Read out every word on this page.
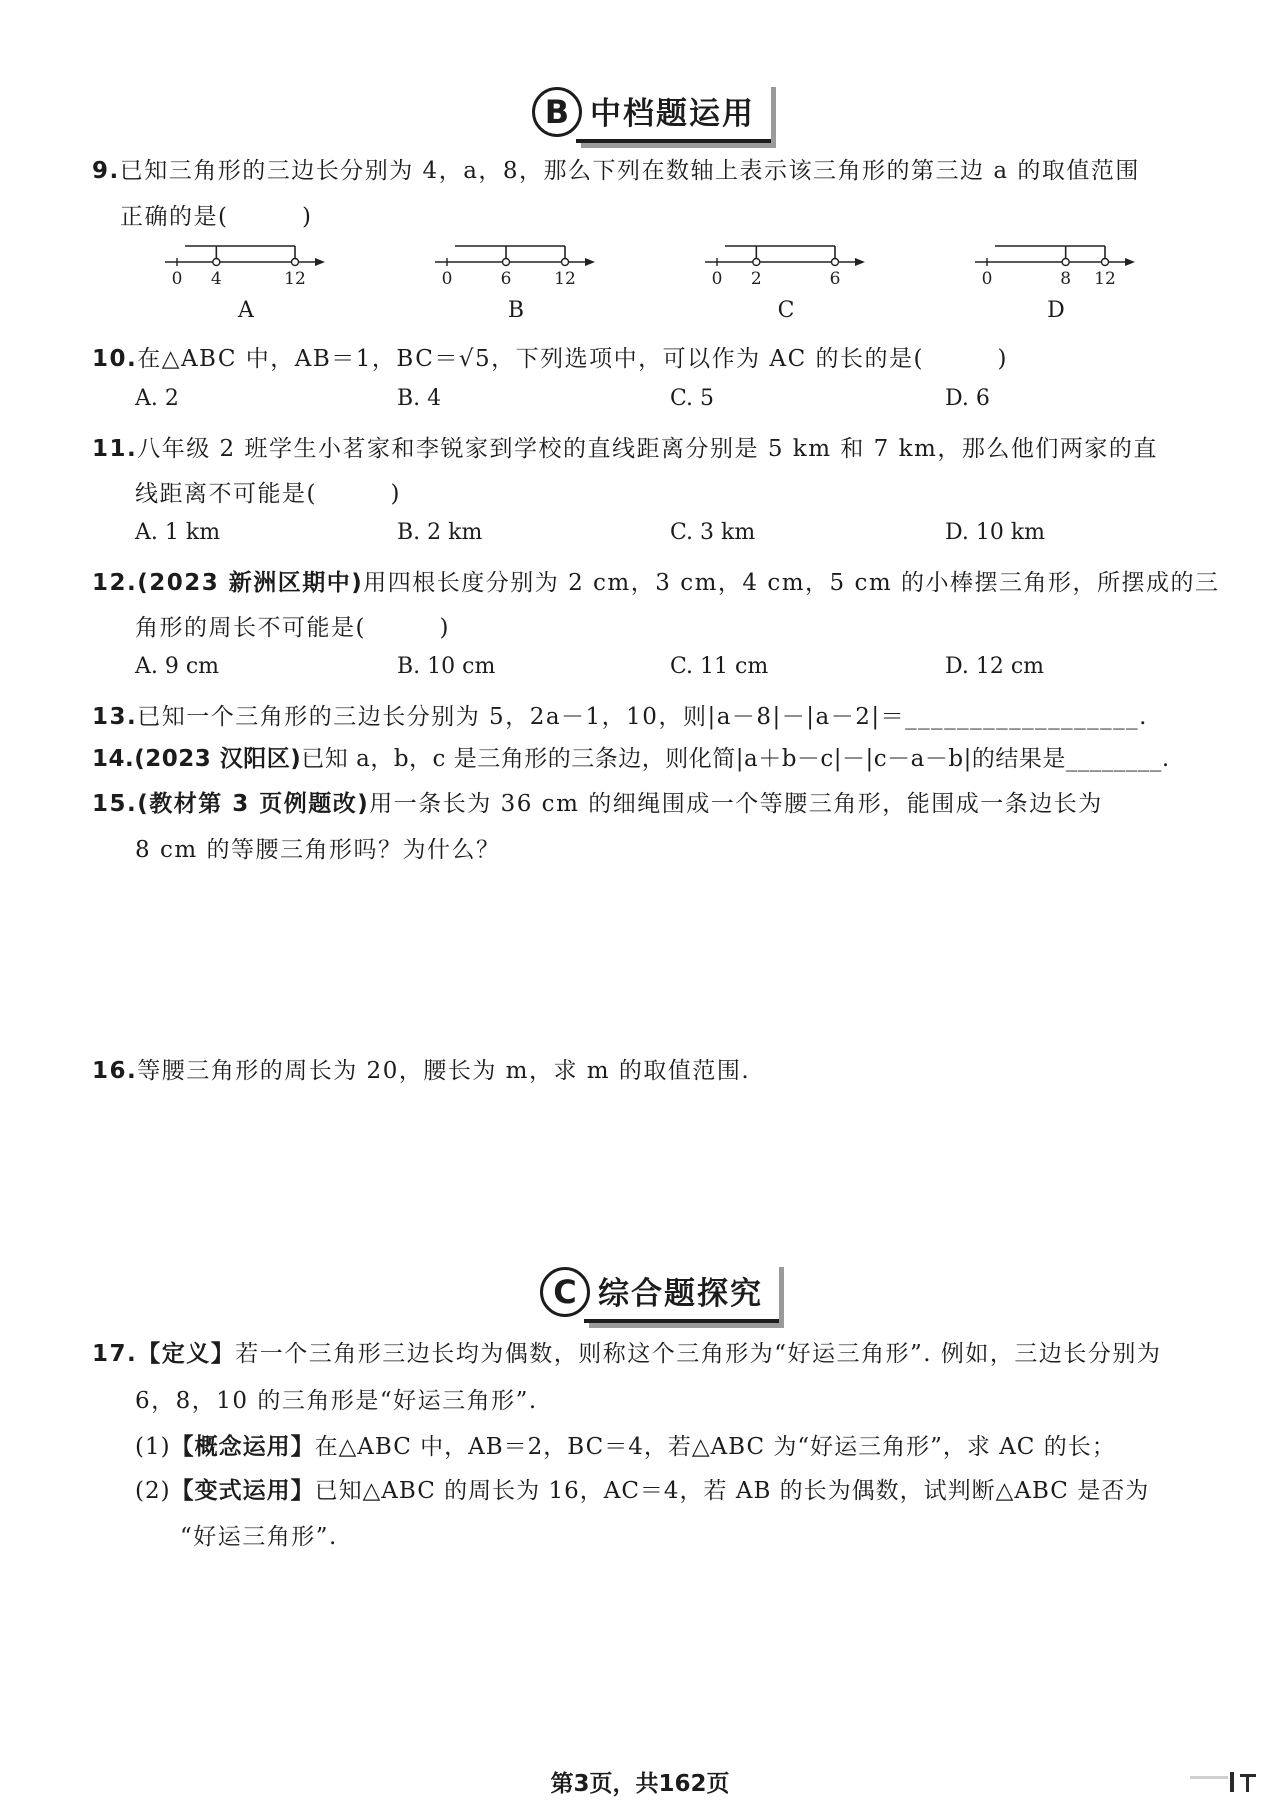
B 中档题运用
9.已知三角形的三边长分别为 4，a，8，那么下列在数轴上表示该三角形的第三边 a 的取值范围
正确的是(　　　)
0 4	12	0	6	12	0 2	6	0	8 12
A	B	C	D
10.在△ABC 中，AB＝1，BC＝√5，下列选项中，可以作为 AC 的长的是(　　　)
A. 2	B. 4	C. 5	D. 6
11.八年级 2 班学生小茗家和李锐家到学校的直线距离分别是 5 km 和 7 km，那么他们两家的直
线距离不可能是(　　　)
A. 1 km	B. 2 km	C. 3 km	D. 10 km
12.(2023 新洲区期中)用四根长度分别为 2 cm，3 cm，4 cm，5 cm 的小棒摆三角形，所摆成的三
角形的周长不可能是(　　　)
A. 9 cm	B. 10 cm	C. 11 cm	D. 12 cm
13.已知一个三角形的三边长分别为 5，2a－1，10，则|a－8|－|a－2|＝__________________.
14.(2023 汉阳区)已知 a，b，c 是三角形的三条边，则化简|a＋b－c|－|c－a－b|的结果是________.
15.(教材第 3 页例题改)用一条长为 36 cm 的细绳围成一个等腰三角形，能围成一条边长为
8 cm 的等腰三角形吗？为什么？
16.等腰三角形的周长为 20，腰长为 m，求 m 的取值范围.
C 综合题探究
17.【定义】若一个三角形三边长均为偶数，则称这个三角形为“好运三角形”. 例如，三边长分别为
6，8，10 的三角形是“好运三角形”.
(1)【概念运用】在△ABC 中，AB＝2，BC＝4，若△ABC 为“好运三角形”，求 AC 的长；
(2)【变式运用】已知△ABC 的周长为 16，AC＝4，若 AB 的长为偶数，试判断△ABC 是否为
“好运三角形”.
第3页，共162页
